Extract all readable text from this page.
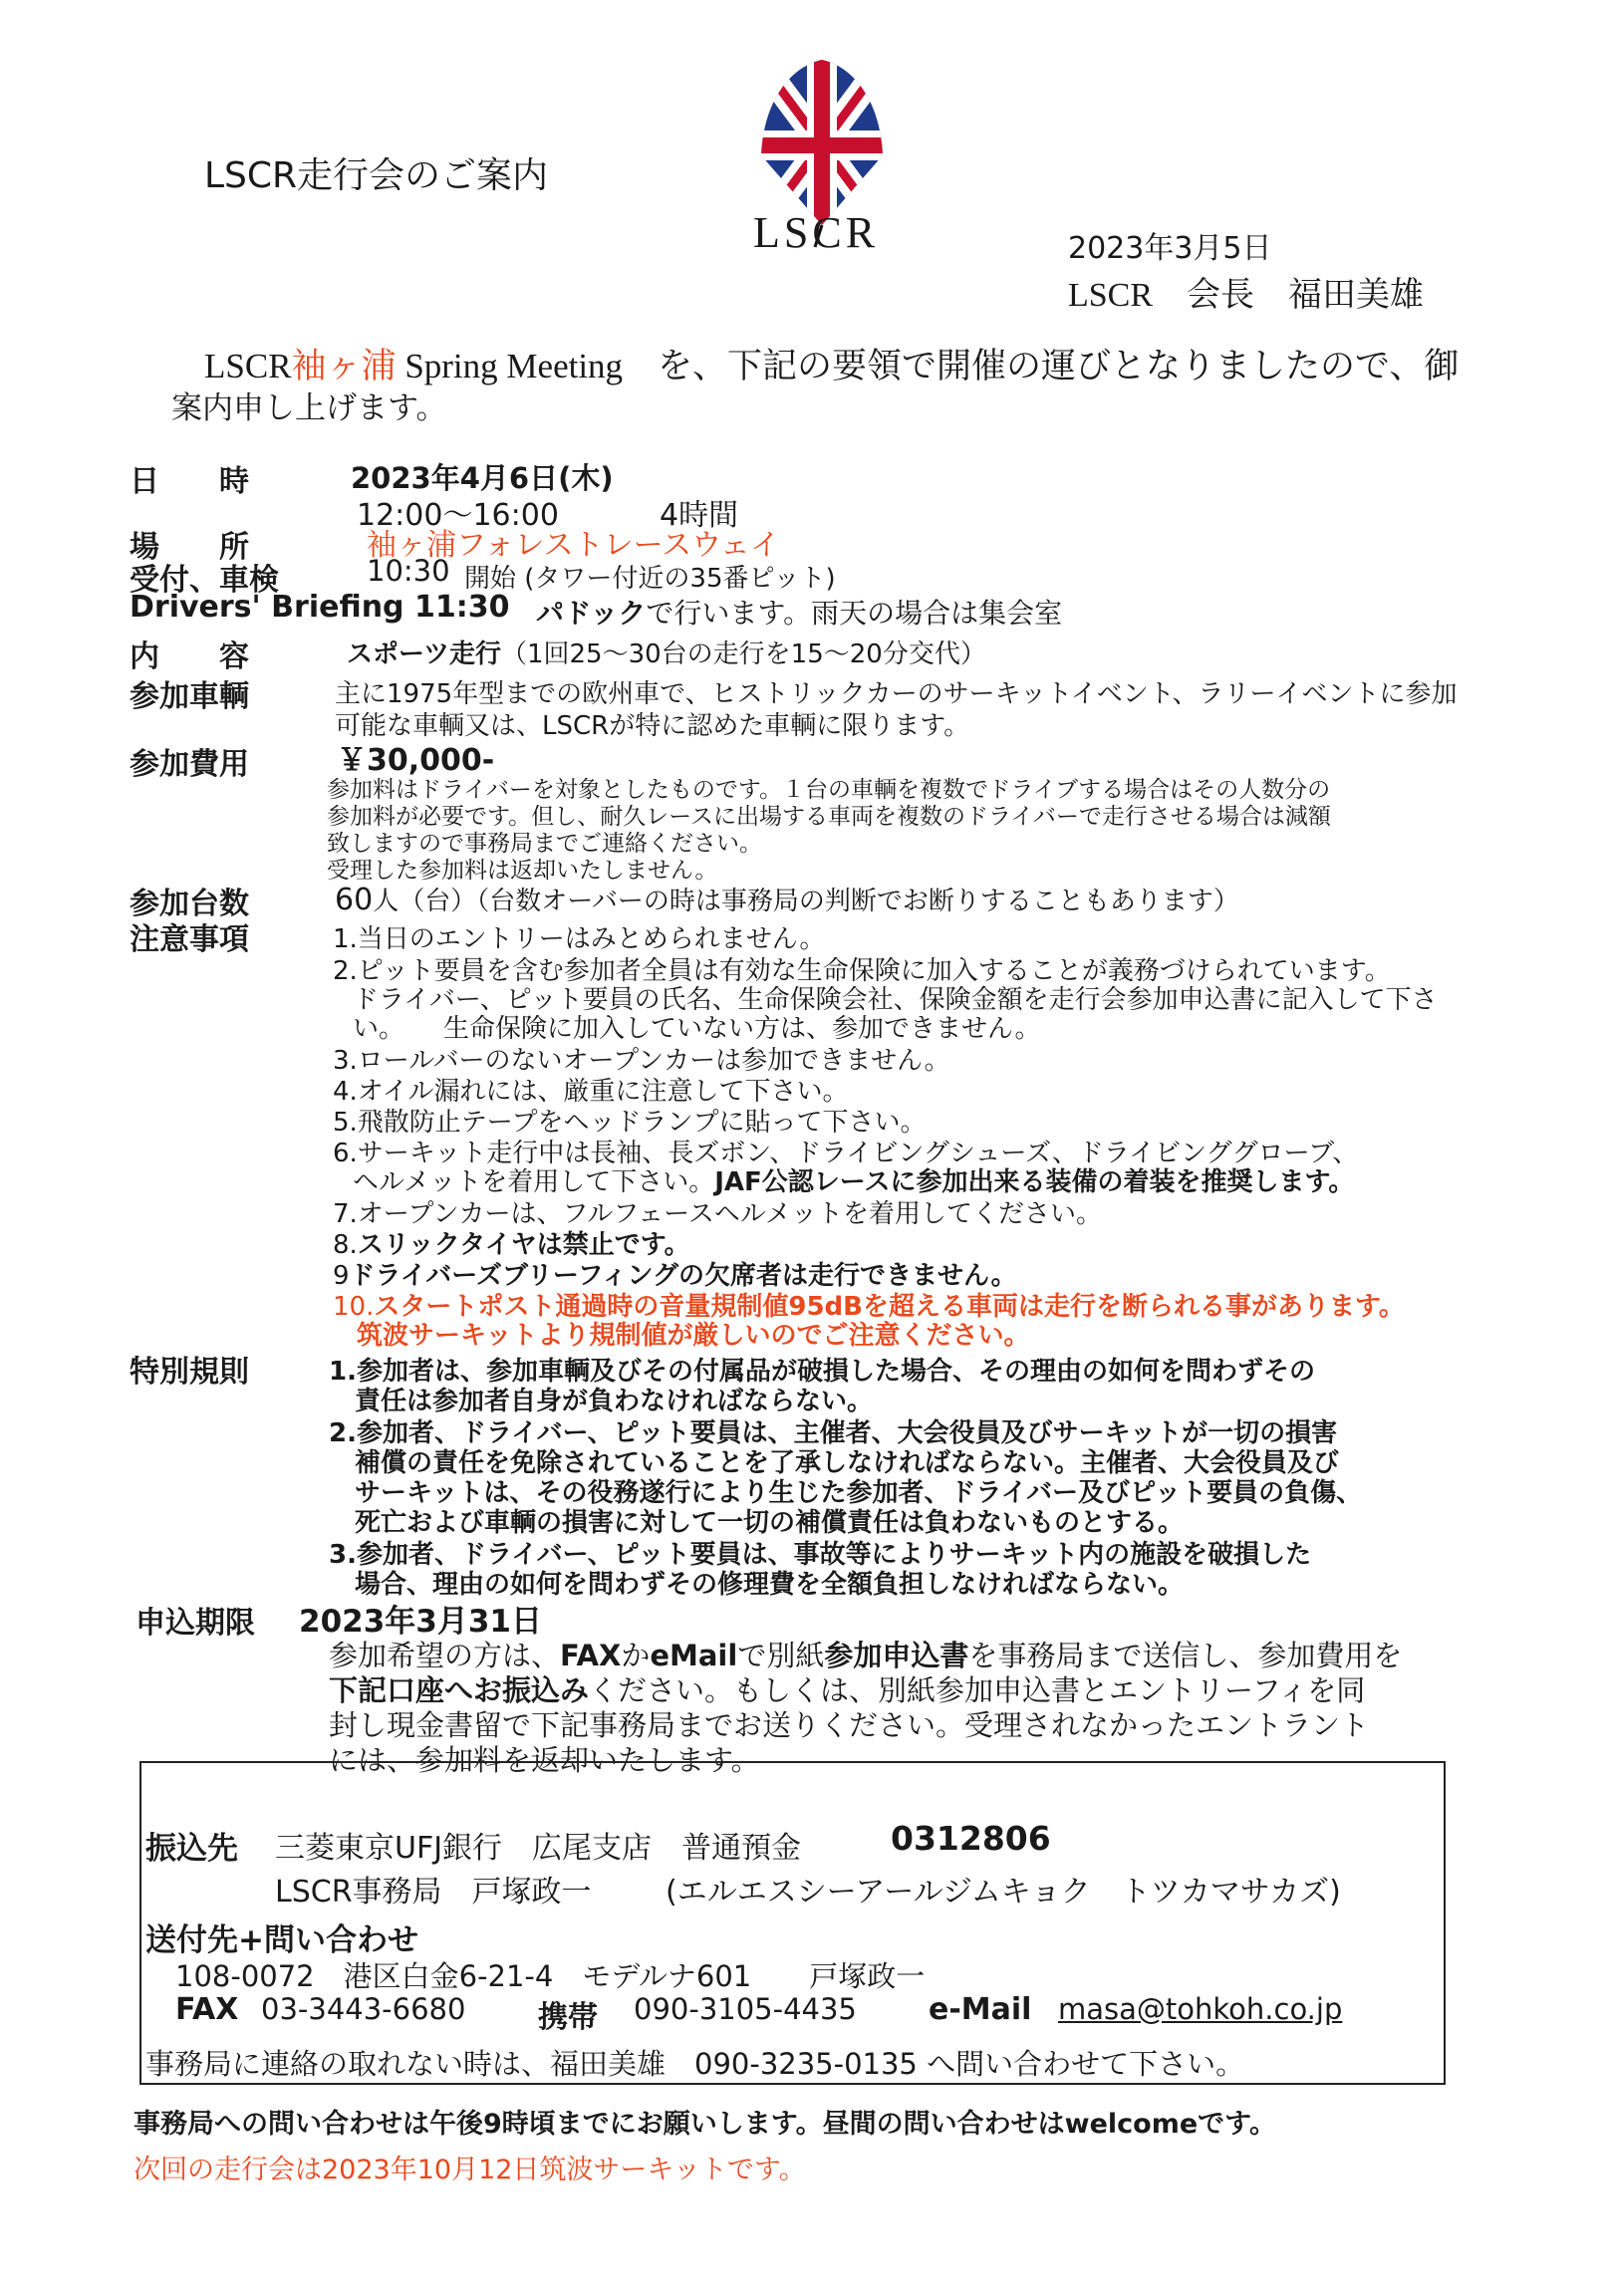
LSCR走行会のご案内
LSCR	2023年3月5日
LSCR　会長　福田美雄
LSCR袖ヶ浦 Spring Meeting　を、下記の要領で開催の運びとなりましたので、御
案内申し上げます。
日　　時	2023年4月6日(木)
12:00〜16:00	4時間
場　　所	袖ヶ浦フォレストレースウェイ
受付、車検	10:30 開始 (タワー付近の35番ピット)
Drivers' Briefing 11:30 パドックで行います。雨天の場合は集会室
内　　容	スポーツ走行（1回25〜30台の走行を15〜20分交代）
参加車輌	主に1975年型までの欧州車で、ヒストリックカーのサーキットイベント、ラリーイベントに参加
可能な車輌又は、LSCRが特に認めた車輌に限ります。
参加費用	￥30,000-
参加料はドライバーを対象としたものです。１台の車輌を複数でドライブする場合はその人数分の
参加料が必要です。但し、耐久レースに出場する車両を複数のドライバーで走行させる場合は減額
致しますので事務局までご連絡ください。
受理した参加料は返却いたしません。
参加台数	60人（台）（台数オーバーの時は事務局の判断でお断りすることもあります）
注意事項	1.当日のエントリーはみとめられません。
2.ピット要員を含む参加者全員は有効な生命保険に加入することが義務づけられています。
ドライバー、ピット要員の氏名、生命保険会社、保険金額を走行会参加申込書に記入して下さ
い。　　生命保険に加入していない方は、参加できません。
3.ロールバーのないオープンカーは参加できません。
4.オイル漏れには、厳重に注意して下さい。
5.飛散防止テープをヘッドランプに貼って下さい。
6.サーキット走行中は長袖、長ズボン、ドライビングシューズ、ドライビンググローブ、
ヘルメットを着用して下さい。JAF公認レースに参加出来る装備の着装を推奨します。
7.オープンカーは、フルフェースヘルメットを着用してください。
8.スリックタイヤは禁止です。
9ドライバーズブリーフィングの欠席者は走行できません。
10.スタートポスト通過時の音量規制値95dBを超える車両は走行を断られる事があります。
筑波サーキットより規制値が厳しいのでご注意ください。
特別規則	1.参加者は、参加車輌及びその付属品が破損した場合、その理由の如何を問わずその
責任は参加者自身が負わなければならない。
2.参加者、ドライバー、ピット要員は、主催者、大会役員及びサーキットが一切の損害
補償の責任を免除されていることを了承しなければならない。主催者、大会役員及び
サーキットは、その役務遂行により生じた参加者、ドライバー及びピット要員の負傷、
死亡および車輌の損害に対して一切の補償責任は負わないものとする。
3.参加者、ドライバー、ピット要員は、事故等によりサーキット内の施設を破損した
場合、理由の如何を問わずその修理費を全額負担しなければならない。
申込期限 2023年3月31日
参加希望の方は、FAXかeMailで別紙参加申込書を事務局まで送信し、参加費用を
下記口座へお振込みください。もしくは、別紙参加申込書とエントリーフィを同
封し現金書留で下記事務局までお送りください。受理されなかったエントラント
には、参加料を返却いたします。
振込先 三菱東京UFJ銀行　広尾支店　普通預金	0312806
LSCR事務局　戸塚政一 (エルエスシーアールジムキョク　トツカマサカズ)
送付先+問い合わせ
108-0072　港区白金6-21-4　モデルナ601　　戸塚政一
FAX 03-3443-6680 携帯 090-3105-4435 e-Mail masa@tohkoh.co.jp
事務局に連絡の取れない時は、福田美雄　090-3235-0135 へ問い合わせて下さい。
事務局への問い合わせは午後9時頃までにお願いします。昼間の問い合わせはwelcomeです。
次回の走行会は2023年10月12日筑波サーキットです。
